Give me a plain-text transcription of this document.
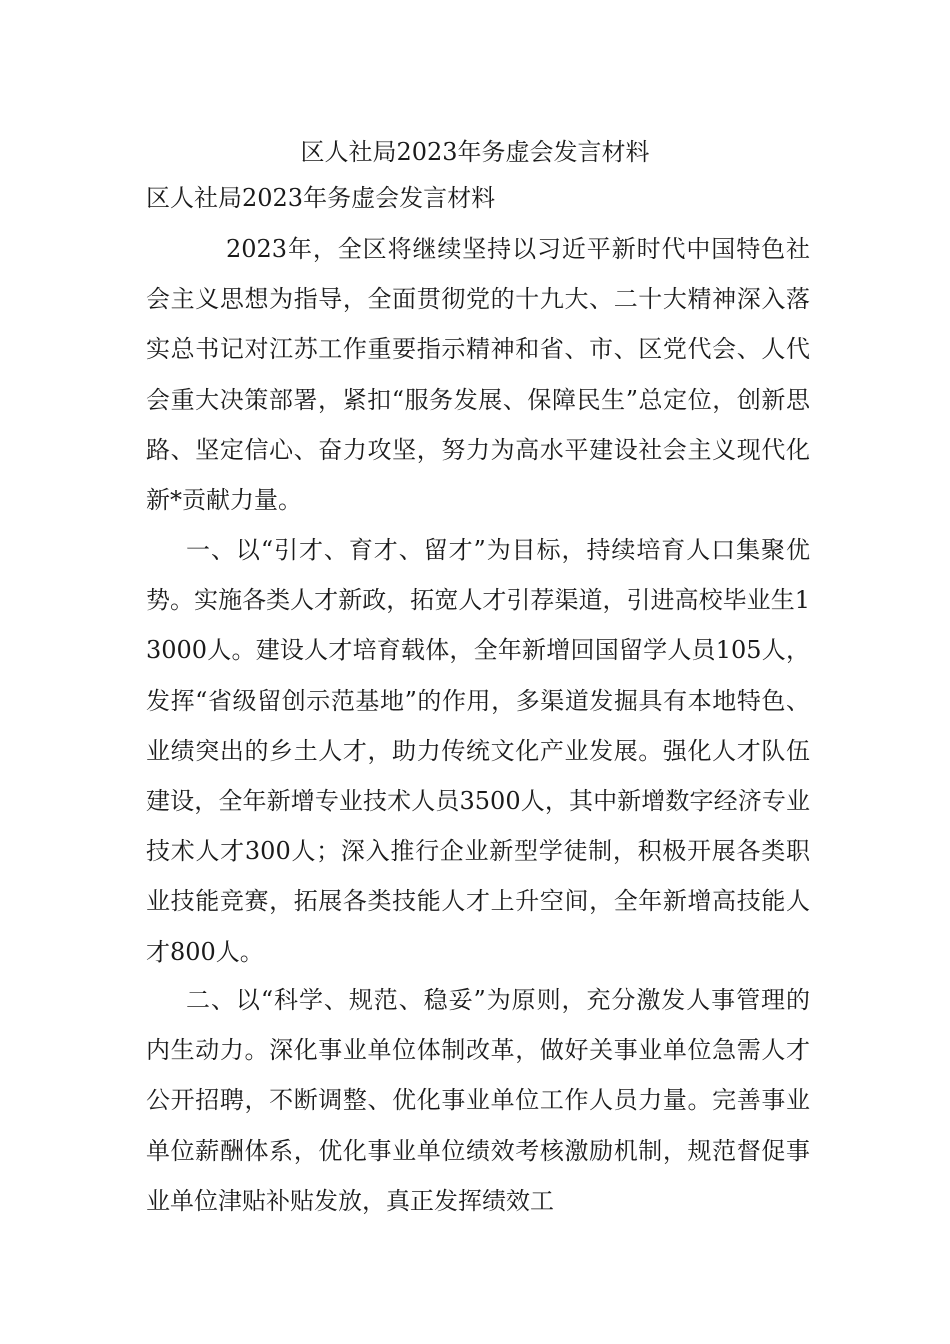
区人社局2023年务虚会发言材料

区人社局2023年务虚会发言材料

2023年，全区将继续坚持以习近平新时代中国特色社会主义思想为指导，全面贯彻党的十九大、二十大精神深入落实总书记对江苏工作重要指示精神和省、市、区党代会、人代会重大决策部署，紧扣“服务发展、保障民生”总定位，创新思路、坚定信心、奋力攻坚，努力为高水平建设社会主义现代化新*贡献力量。

一、以“引才、育才、留才”为目标，持续培育人口集聚优势。实施各类人才新政，拓宽人才引荐渠道，引进高校毕业生13000人。建设人才培育载体，全年新增回国留学人员105人，发挥“省级留创示范基地”的作用，多渠道发掘具有本地特色、业绩突出的乡土人才，助力传统文化产业发展。强化人才队伍建设，全年新增专业技术人员3500人，其中新增数字经济专业技术人才300人；深入推行企业新型学徒制，积极开展各类职业技能竞赛，拓展各类技能人才上升空间，全年新增高技能人才800人。

二、以“科学、规范、稳妥”为原则，充分激发人事管理的内生动力。深化事业单位体制改革，做好关事业单位急需人才公开招聘，不断调整、优化事业单位工作人员力量。完善事业单位薪酬体系，优化事业单位绩效考核激励机制，规范督促事业单位津贴补贴发放，真正发挥绩效工
